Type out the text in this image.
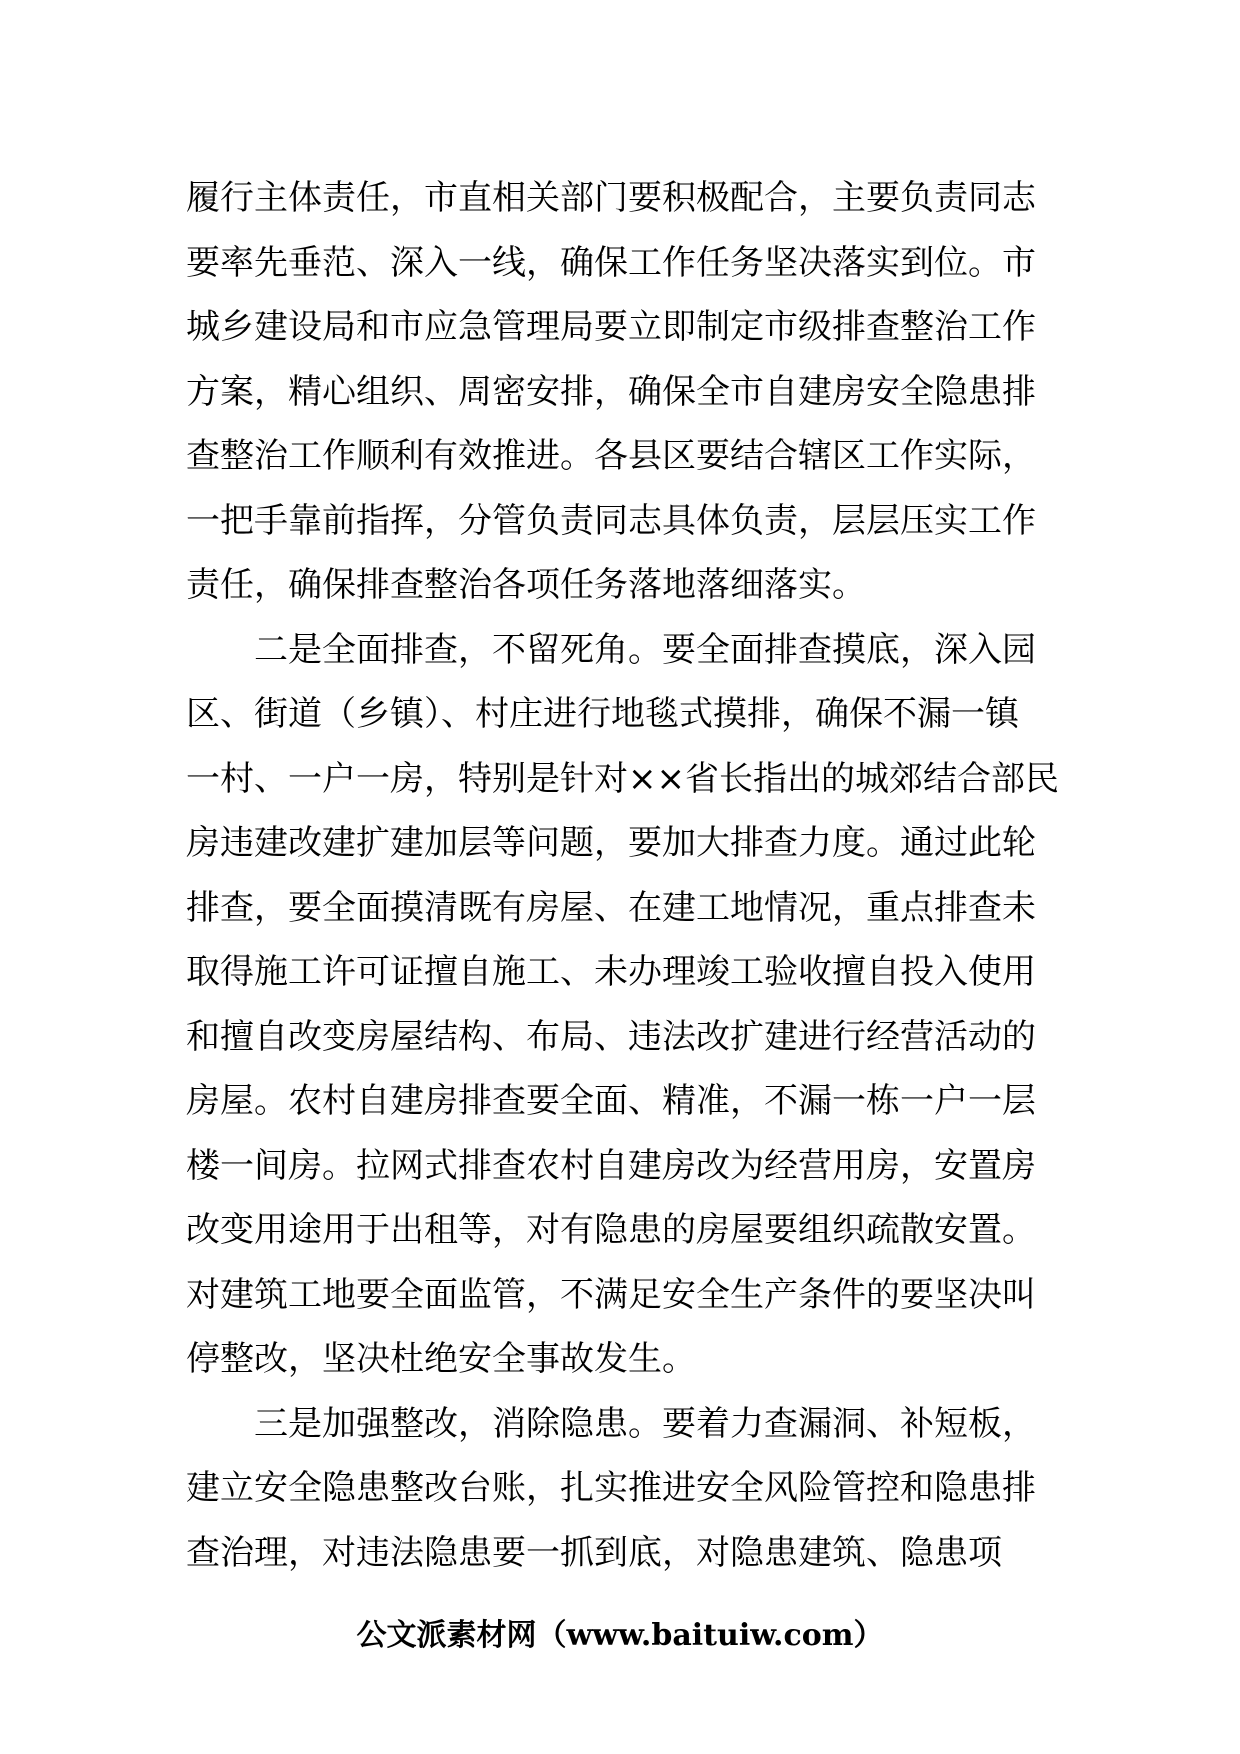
履行主体责任，市直相关部门要积极配合，主要负责同志
要率先垂范、深入一线，确保工作任务坚决落实到位。市
城乡建设局和市应急管理局要立即制定市级排查整治工作
方案，精心组织、周密安排，确保全市自建房安全隐患排
查整治工作顺利有效推进。各县区要结合辖区工作实际，
一把手靠前指挥，分管负责同志具体负责，层层压实工作
责任，确保排查整治各项任务落地落细落实。
二是全面排查，不留死角。要全面排查摸底，深入园
区、街道（乡镇）、村庄进行地毯式摸排，确保不漏一镇
一村、一户一房，特别是针对××省长指出的城郊结合部民
房违建改建扩建加层等问题，要加大排查力度。通过此轮
排查，要全面摸清既有房屋、在建工地情况，重点排查未
取得施工许可证擅自施工、未办理竣工验收擅自投入使用
和擅自改变房屋结构、布局、违法改扩建进行经营活动的
房屋。农村自建房排查要全面、精准，不漏一栋一户一层
楼一间房。拉网式排查农村自建房改为经营用房，安置房
改变用途用于出租等，对有隐患的房屋要组织疏散安置。
对建筑工地要全面监管，不满足安全生产条件的要坚决叫
停整改，坚决杜绝安全事故发生。
三是加强整改，消除隐患。要着力查漏洞、补短板，
建立安全隐患整改台账，扎实推进安全风险管控和隐患排
查治理，对违法隐患要一抓到底，对隐患建筑、隐患项
公文派素材网（www.baituiw.com）
